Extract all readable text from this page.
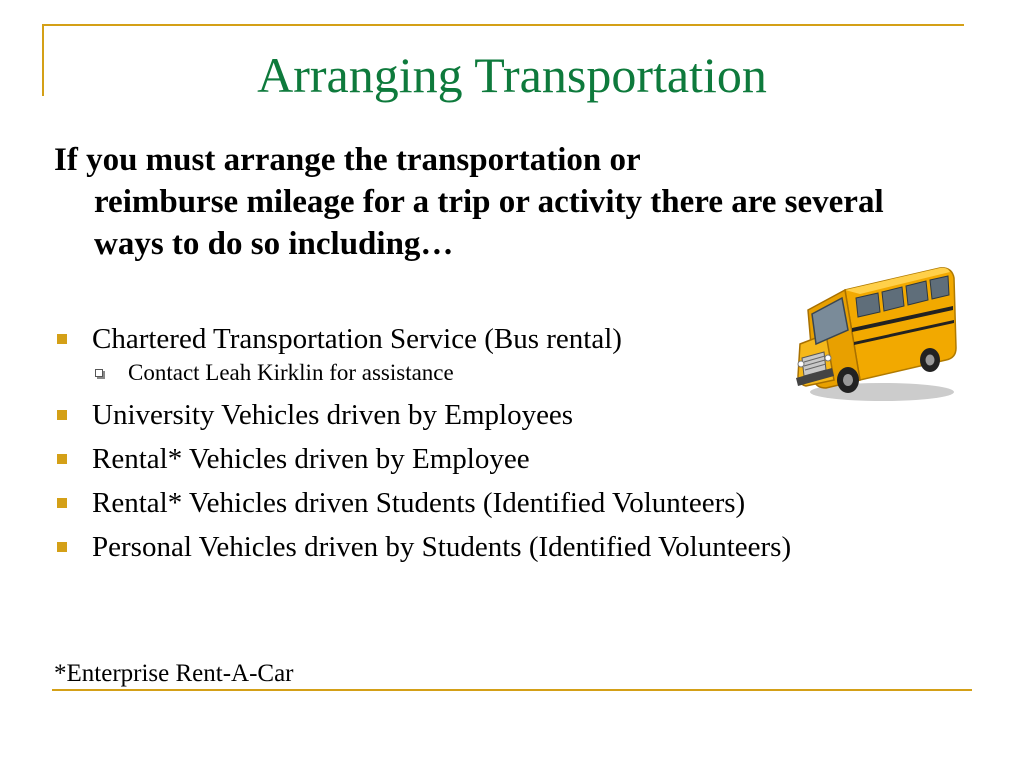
Arranging Transportation
If you must arrange the transportation or
reimburse mileage for a trip or activity there are several ways to do so including…
Chartered Transportation Service (Bus rental)
Contact Leah Kirklin for assistance
University Vehicles driven by Employees
Rental* Vehicles driven by Employee
Rental* Vehicles driven Students (Identified Volunteers)
Personal Vehicles driven by Students (Identified Volunteers)
*Enterprise Rent-A-Car
